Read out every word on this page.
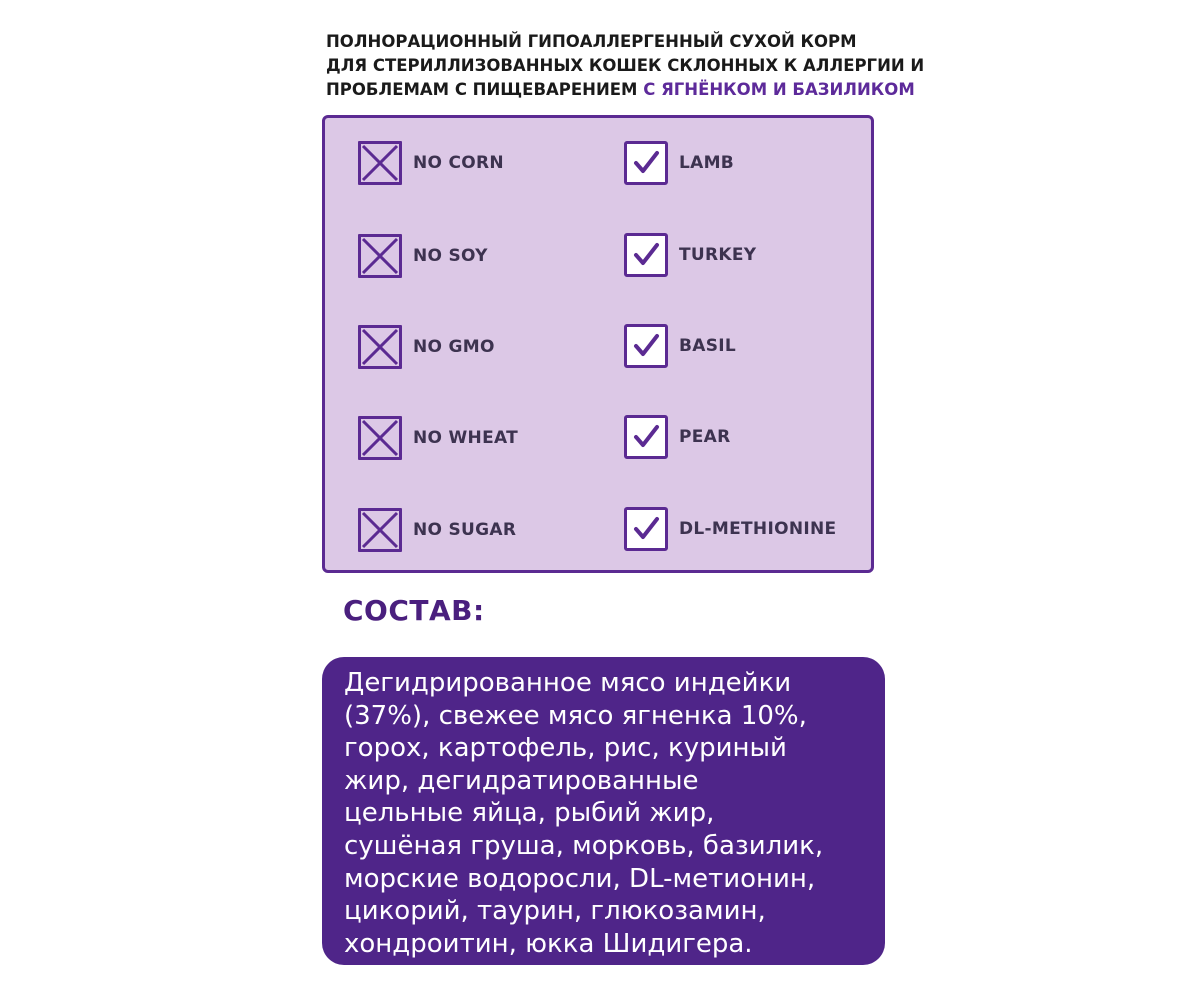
ПОЛНОРАЦИОННЫЙ ГИПОАЛЛЕРГЕННЫЙ СУХОЙ КОРМ
ДЛЯ СТЕРИЛЛИЗОВАННЫХ КОШЕК СКЛОННЫХ К АЛЛЕРГИИ И
ПРОБЛЕМАМ С ПИЩЕВАРЕНИЕМ С ЯГНЁНКОМ И БАЗИЛИКОМ
NO CORN
NO SOY
NO GMO
NO WHEAT
NO SUGAR
LAMB
TURKEY
BASIL
PEAR
DL-METHIONINE
СОСТАВ:
Дегидрированное мясо индейки
(37%), свежее мясо ягненка 10%,
горох, картофель, рис, куриный
жир, дегидратированные
цельные яйца, рыбий жир,
сушёная груша, морковь, базилик,
морские водоросли, DL-метионин,
цикорий, таурин, глюкозамин,
хондроитин, юкка Шидигера.
